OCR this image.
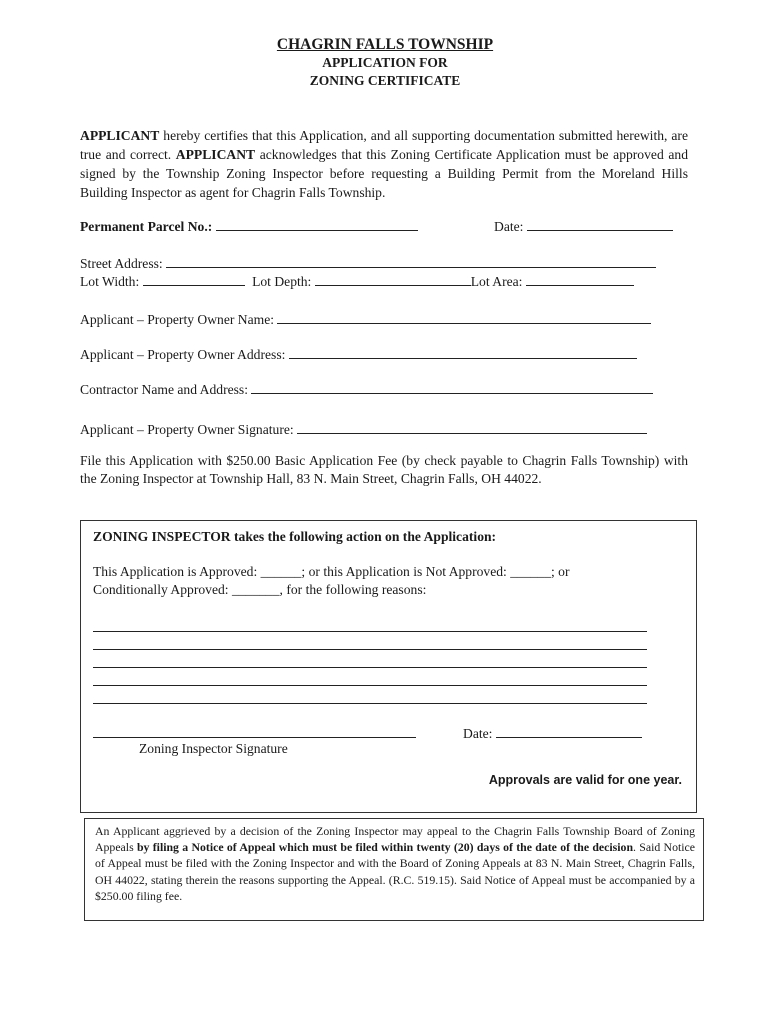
CHAGRIN FALLS TOWNSHIP
APPLICATION FOR
ZONING CERTIFICATE
APPLICANT hereby certifies that this Application, and all supporting documentation submitted herewith, are true and correct. APPLICANT acknowledges that this Zoning Certificate Application must be approved and signed by the Township Zoning Inspector before requesting a Building Permit from the Moreland Hills Building Inspector as agent for Chagrin Falls Township.
Permanent Parcel No.:	Date:
Street Address:
Lot Width:	Lot Depth:	Lot Area:
Applicant – Property Owner Name:
Applicant – Property Owner Address:
Contractor Name and Address:
Applicant – Property Owner Signature:
File this Application with $250.00 Basic Application Fee (by check payable to Chagrin Falls Township) with the Zoning Inspector at Township Hall, 83 N. Main Street, Chagrin Falls, OH 44022.
ZONING INSPECTOR takes the following action on the Application:
This Application is Approved: ______; or this Application is Not Approved: ______; or
Conditionally Approved: _______, for the following reasons:
Zoning Inspector Signature
Date:
Approvals are valid for one year.
An Applicant aggrieved by a decision of the Zoning Inspector may appeal to the Chagrin Falls Township Board of Zoning Appeals by filing a Notice of Appeal which must be filed within twenty (20) days of the date of the decision. Said Notice of Appeal must be filed with the Zoning Inspector and with the Board of Zoning Appeals at 83 N. Main Street, Chagrin Falls, OH 44022, stating therein the reasons supporting the Appeal. (R.C. 519.15). Said Notice of Appeal must be accompanied by a $250.00 filing fee.
